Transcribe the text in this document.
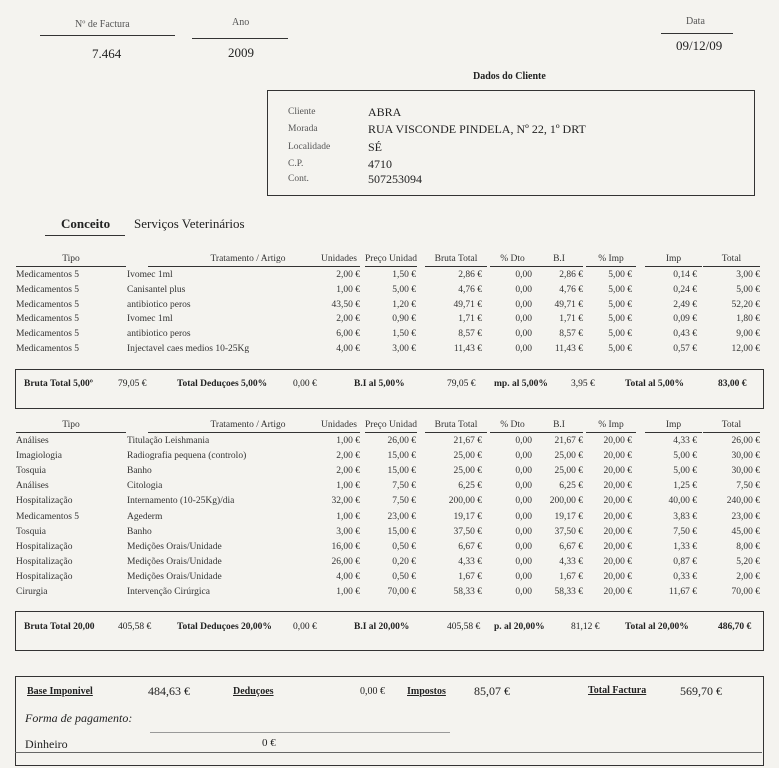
Nº de Factura
7.464
Ano
2009
Data
09/12/09
Dados do Cliente
Cliente	ABRA
Morada	RUA VISCONDE PINDELA, Nº 22, 1º DRT
Localidade	SÉ
C.P.	4710
Cont.	507253094
Conceito Serviços Veterinários
Tipo	Tratamento / Artigo	Unidades Preço Unidad	Bruta Total	% Dto	B.I	% Imp	Imp	Total
Medicamentos 5	Ivomec 1ml	2,00 €	1,50 €	2,86 €	0,00	2,86 €	5,00 €	0,14 €	3,00 €
Medicamentos 5	Canisantel plus	1,00 €	5,00 €	4,76 €	0,00	4,76 €	5,00 €	0,24 €	5,00 €
Medicamentos 5	antibiotico peros	43,50 €	1,20 €	49,71 €	0,00	49,71 €	5,00 €	2,49 €	52,20 €
Medicamentos 5	Ivomec 1ml	2,00 €	0,90 €	1,71 €	0,00	1,71 €	5,00 €	0,09 €	1,80 €
Medicamentos 5	antibiotico peros	6,00 €	1,50 €	8,57 €	0,00	8,57 €	5,00 €	0,43 €	9,00 €
Medicamentos 5	Injectavel caes medios 10-25Kg	4,00 €	3,00 €	11,43 €	0,00	11,43 €	5,00 €	0,57 €	12,00 €
Bruta Total 5,00º	79,05 €	Total Deduçoes 5,00%	0,00 €	B.I al 5,00%	79,05 € mp. al 5,00% 3,95 €	Total al 5,00%	83,00 €
Tipo	Tratamento / Artigo	Unidades Preço Unidad	Bruta Total	% Dto	B.I	% Imp	Imp	Total
Análises	Titulação Leishmania	1,00 €	26,00 €	21,67 €	0,00	21,67 €	20,00 €	4,33 €	26,00 €
Imagiologia	Radiografia pequena (controlo)	2,00 €	15,00 €	25,00 €	0,00	25,00 €	20,00 €	5,00 €	30,00 €
Tosquia	Banho	2,00 €	15,00 €	25,00 €	0,00	25,00 €	20,00 €	5,00 €	30,00 €
Análises	Citologia	1,00 €	7,50 €	6,25 €	0,00	6,25 €	20,00 €	1,25 €	7,50 €
Hospitalização	Internamento (10-25Kg)/dia	32,00 €	7,50 €	200,00 €	0,00	200,00 €	20,00 €	40,00 €	240,00 €
Medicamentos 5	Agederm	1,00 €	23,00 €	19,17 €	0,00	19,17 €	20,00 €	3,83 €	23,00 €
Tosquia	Banho	3,00 €	15,00 €	37,50 €	0,00	37,50 €	20,00 €	7,50 €	45,00 €
Hospitalização	Medições Orais/Unidade	16,00 €	0,50 €	6,67 €	0,00	6,67 €	20,00 €	1,33 €	8,00 €
Hospitalização	Medições Orais/Unidade	26,00 €	0,20 €	4,33 €	0,00	4,33 €	20,00 €	0,87 €	5,20 €
Hospitalização	Medições Orais/Unidade	4,00 €	0,50 €	1,67 €	0,00	1,67 €	20,00 €	0,33 €	2,00 €
Cirurgia	Intervenção Cirúrgica	1,00 €	70,00 €	58,33 €	0,00	58,33 €	20,00 €	11,67 €	70,00 €
Bruta Total 20,00 405,58 €	Total Deduçoes 20,00% 0,00 €	B.I al 20,00%	405,58 € p. al 20,00%	81,12 €	Total al 20,00%	486,70 €
Base Imponivel	484,63 €	Deduçoes	0,00 € Impostos 85,07 €	Total Factura	569,70 €
Forma de pagamento:
Dinheiro	0 €
